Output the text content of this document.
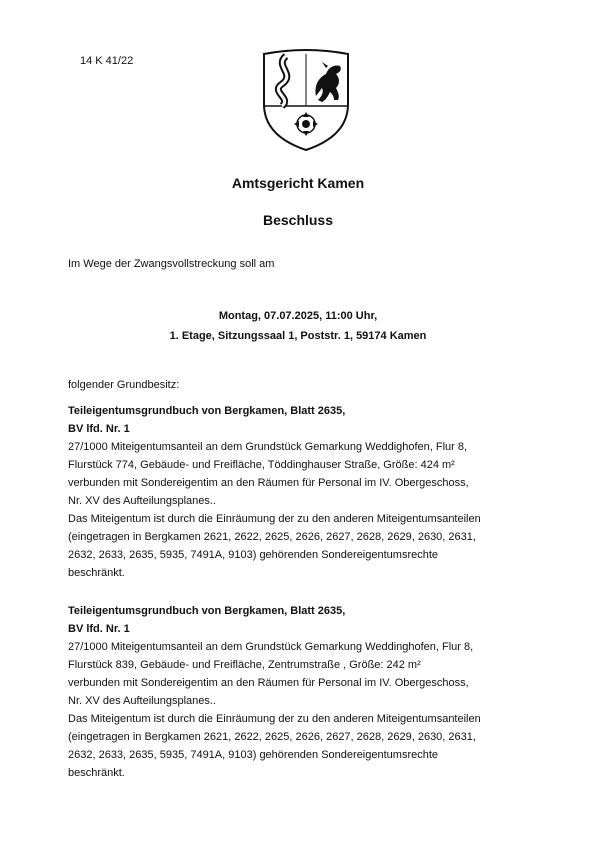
14 K 41/22
Amtsgericht Kamen
Beschluss
Im Wege der Zwangsvollstreckung soll am
Montag, 07.07.2025, 11:00 Uhr,
1. Etage, Sitzungssaal 1, Poststr. 1, 59174 Kamen
folgender Grundbesitz:

Teileigentumsgrundbuch von Bergkamen, Blatt 2635,

BV lfd. Nr. 1

27/1000 Miteigentumsanteil an dem Grundstück Gemarkung Weddighofen, Flur 8,

Flurstück 774, Gebäude- und Freifläche, Töddinghauser Straße, Größe: 424 m²

verbunden mit Sondereigentim an den Räumen für Personal im IV. Obergeschoss,

Nr. XV des Aufteilungsplanes..

Das Miteigentum ist durch die Einräumung der zu den anderen Miteigentumsanteilen

(eingetragen in Bergkamen 2621, 2622, 2625, 2626, 2627, 2628, 2629, 2630, 2631,

2632, 2633, 2635, 5935, 7491A, 9103) gehörenden Sondereigentumsrechte

beschränkt.

Teileigentumsgrundbuch von Bergkamen, Blatt 2635,

BV lfd. Nr. 1

27/1000 Miteigentumsanteil an dem Grundstück Gemarkung Weddinghofen, Flur 8,

Flurstück 839, Gebäude- und Freifläche, Zentrumstraße , Größe: 242 m²

verbunden mit Sondereigentim an den Räumen für Personal im IV. Obergeschoss,

Nr. XV des Aufteilungsplanes..

Das Miteigentum ist durch die Einräumung der zu den anderen Miteigentumsanteilen

(eingetragen in Bergkamen 2621, 2622, 2625, 2626, 2627, 2628, 2629, 2630, 2631,

2632, 2633, 2635, 5935, 7491A, 9103) gehörenden Sondereigentumsrechte

beschränkt.
